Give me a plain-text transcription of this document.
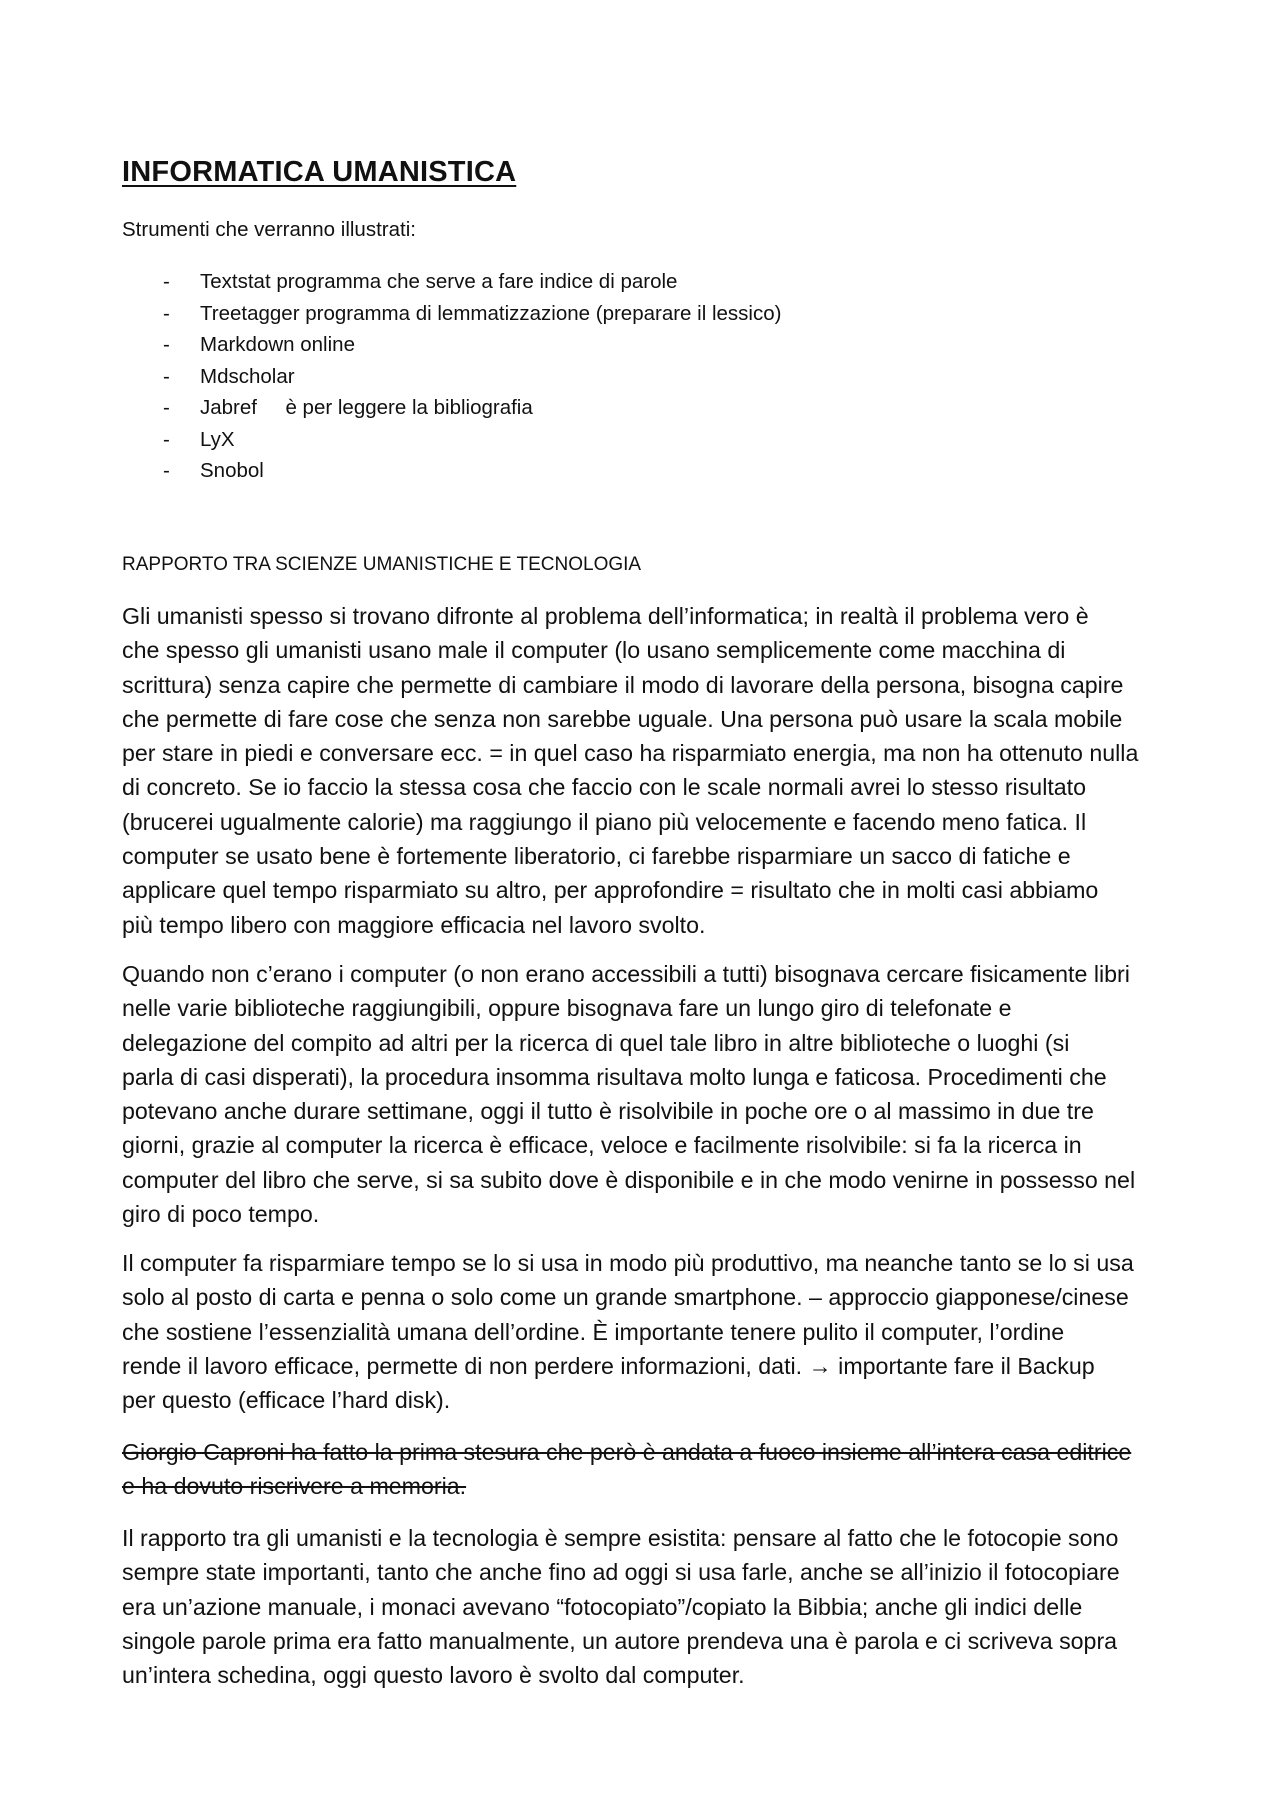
INFORMATICA UMANISTICA

Strumenti che verranno illustrati:

- Textstat programma che serve a fare indice di parole
- Treetagger programma di lemmatizzazione (preparare il lessico)
- Markdown online
- Mdscholar
- Jabref     è per leggere la bibliografia
- LyX
- Snobol
RAPPORTO TRA SCIENZE UMANISTICHE E TECNOLOGIA

Gli umanisti spesso si trovano difronte al problema dell’informatica; in realtà il problema vero è
che spesso gli umanisti usano male il computer (lo usano semplicemente come macchina di
scrittura) senza capire che permette di cambiare il modo di lavorare della persona, bisogna capire
che permette di fare cose che senza non sarebbe uguale. Una persona può usare la scala mobile
per stare in piedi e conversare ecc. = in quel caso ha risparmiato energia, ma non ha ottenuto nulla
di concreto. Se io faccio la stessa cosa che faccio con le scale normali avrei lo stesso risultato
(brucerei ugualmente calorie) ma raggiungo il piano più velocemente e facendo meno fatica. Il
computer se usato bene è fortemente liberatorio, ci farebbe risparmiare un sacco di fatiche e
applicare quel tempo risparmiato su altro, per approfondire = risultato che in molti casi abbiamo
più tempo libero con maggiore efficacia nel lavoro svolto.

Quando non c’erano i computer (o non erano accessibili a tutti) bisognava cercare fisicamente libri
nelle varie biblioteche raggiungibili, oppure bisognava fare un lungo giro di telefonate e
delegazione del compito ad altri per la ricerca di quel tale libro in altre biblioteche o luoghi (si
parla di casi disperati), la procedura insomma risultava molto lunga e faticosa. Procedimenti che
potevano anche durare settimane, oggi il tutto è risolvibile in poche ore o al massimo in due tre
giorni, grazie al computer la ricerca è efficace, veloce e facilmente risolvibile: si fa la ricerca in
computer del libro che serve, si sa subito dove è disponibile e in che modo venirne in possesso nel
giro di poco tempo.

Il computer fa risparmiare tempo se lo si usa in modo più produttivo, ma neanche tanto se lo si usa
solo al posto di carta e penna o solo come un grande smartphone. – approccio giapponese/cinese
che sostiene l’essenzialità umana dell’ordine. È importante tenere pulito il computer, l’ordine
rende il lavoro efficace, permette di non perdere informazioni, dati. → importante fare il Backup
per questo (efficace l’hard disk).

Giorgio Caproni ha fatto la prima stesura che però è andata a fuoco insieme all’intera casa editrice
e ha dovuto riscrivere a memoria.

Il rapporto tra gli umanisti e la tecnologia è sempre esistita: pensare al fatto che le fotocopie sono
sempre state importanti, tanto che anche fino ad oggi si usa farle, anche se all’inizio il fotocopiare
era un’azione manuale, i monaci avevano “fotocopiato”/copiato la Bibbia; anche gli indici delle
singole parole prima era fatto manualmente, un autore prendeva una è parola e ci scriveva sopra
un’intera schedina, oggi questo lavoro è svolto dal computer.
